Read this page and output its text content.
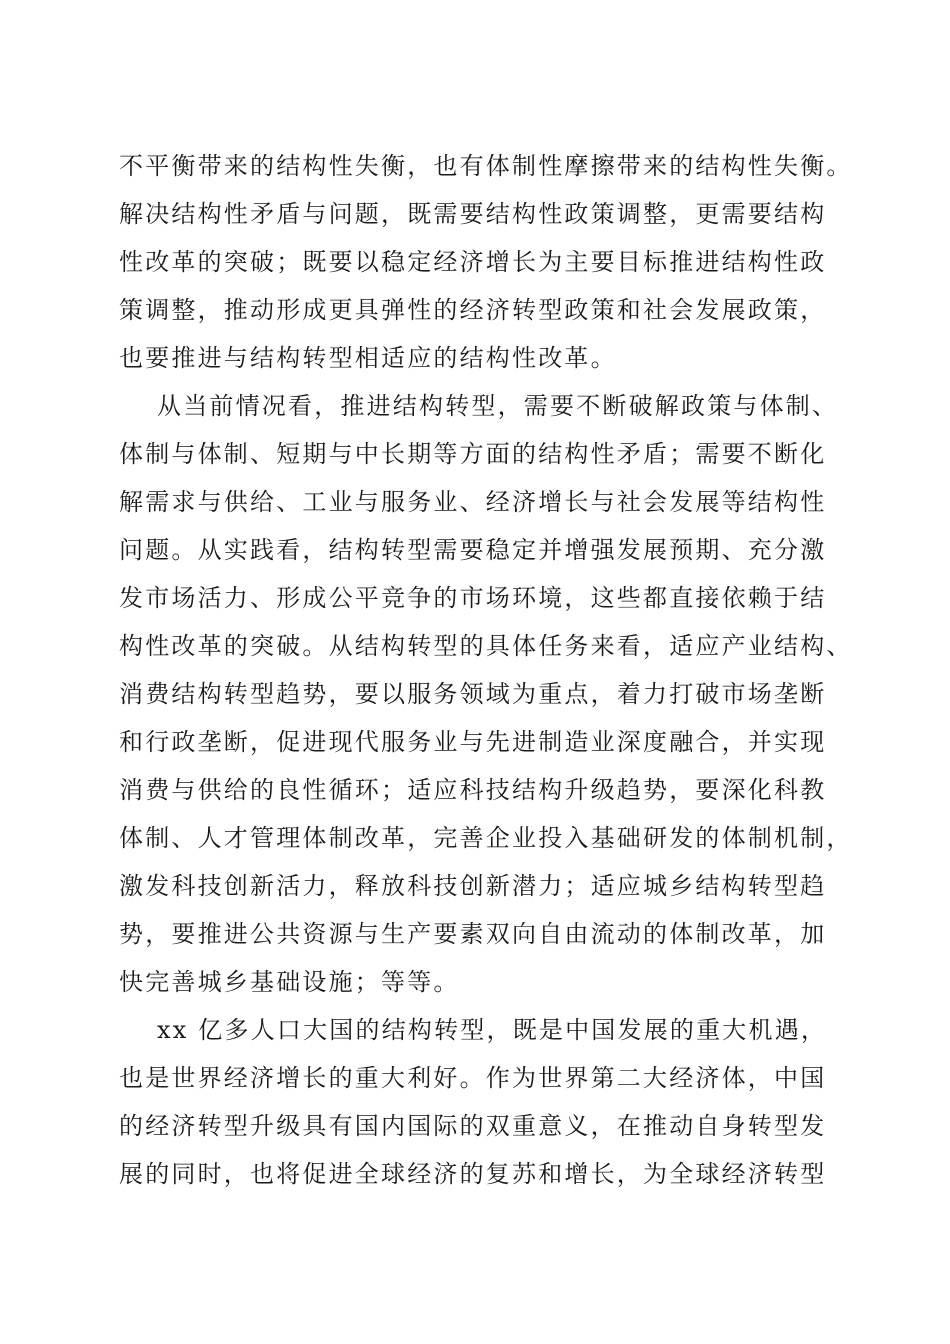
不平衡带来的结构性失衡，也有体制性摩擦带来的结构性失衡。
解决结构性矛盾与问题，既需要结构性政策调整，更需要结构
性改革的突破；既要以稳定经济增长为主要目标推进结构性政
策调整，推动形成更具弹性的经济转型政策和社会发展政策，
也要推进与结构转型相适应的结构性改革。
从当前情况看，推进结构转型，需要不断破解政策与体制、
体制与体制、短期与中长期等方面的结构性矛盾；需要不断化
解需求与供给、工业与服务业、经济增长与社会发展等结构性
问题。从实践看，结构转型需要稳定并增强发展预期、充分激
发市场活力、形成公平竞争的市场环境，这些都直接依赖于结
构性改革的突破。从结构转型的具体任务来看，适应产业结构、
消费结构转型趋势，要以服务领域为重点，着力打破市场垄断
和行政垄断，促进现代服务业与先进制造业深度融合，并实现
消费与供给的良性循环；适应科技结构升级趋势，要深化科教
体制、人才管理体制改革，完善企业投入基础研发的体制机制，
激发科技创新活力，释放科技创新潜力；适应城乡结构转型趋
势，要推进公共资源与生产要素双向自由流动的体制改革，加
快完善城乡基础设施；等等。
xx 亿多人口大国的结构转型，既是中国发展的重大机遇，
也是世界经济增长的重大利好。作为世界第二大经济体，中国
的经济转型升级具有国内国际的双重意义，在推动自身转型发
展的同时，也将促进全球经济的复苏和增长，为全球经济转型
